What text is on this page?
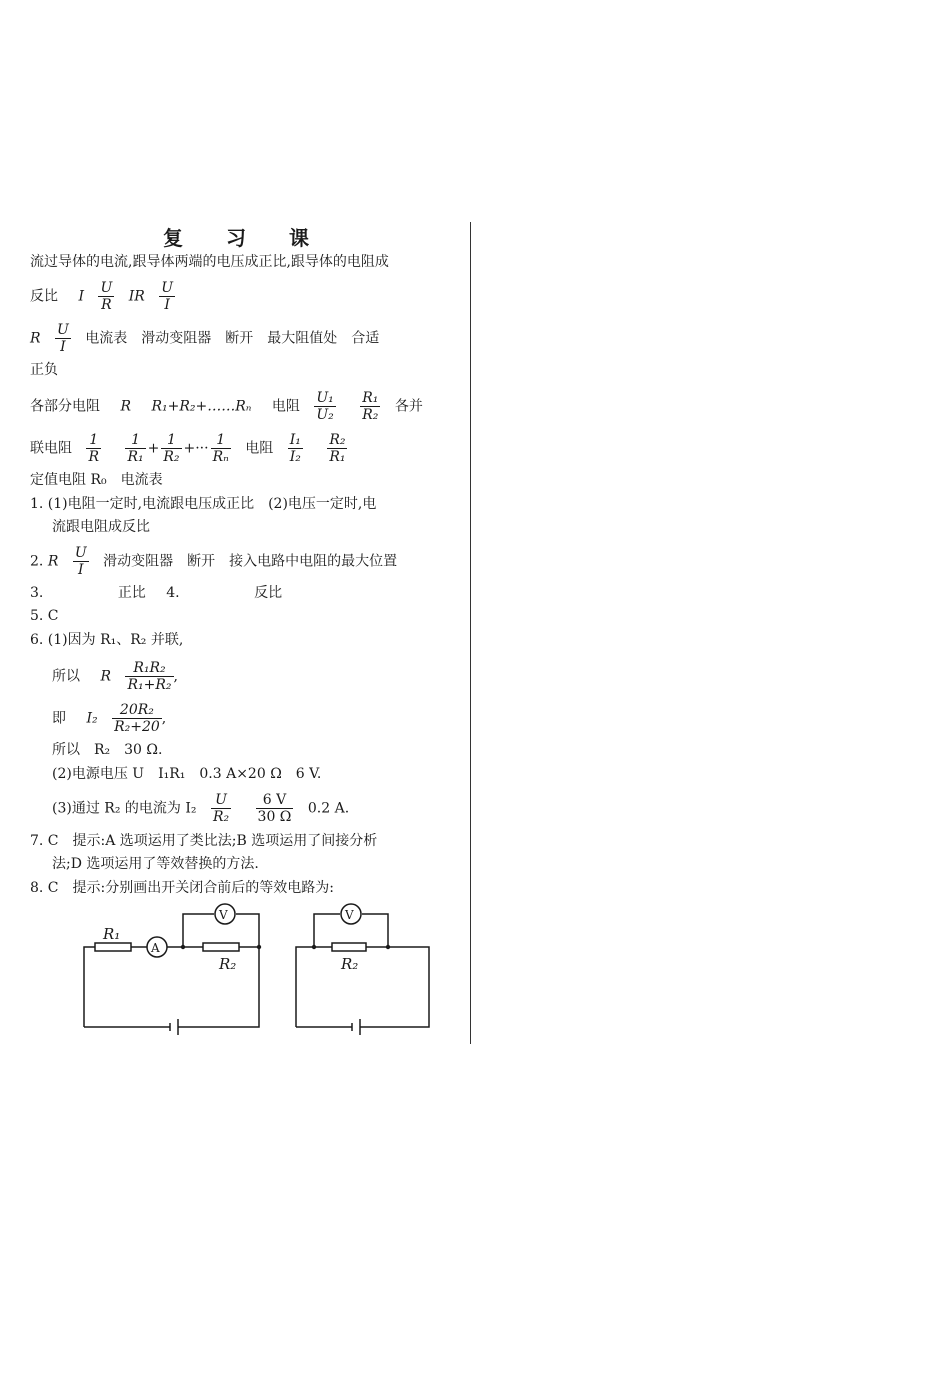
复 习 课
流过导体的电流,跟导体两端的电压成正比,跟导体的电阻成
反比 I $\frac{U}{R}$ IR $\frac{U}{I}$
R $\frac{U}{I}$ 电流表　滑动变阻器　断开　最大阻值处　合适
正负
各部分电阻 R R₁+R₂+……Rₙ 电阻 $\frac{\text{U₁}}{\text{U₂}}$
$\frac{\text{R₁}}{\text{R₂}}$ 各并
联电阻 $\frac{1}{R}$
$\frac{1}{\text{R₁}} + \frac{1}{\text{R₂}}$ +··· $\frac{1}{\text{Rₙ}}$ 电阻 $\frac{\text{I₁}}{\text{I₂}}$
$\frac{\text{R₂}}{\text{R₁}}$
定值电阻 R₀　电流表
1. (1)电阻一定时,电流跟电压成正比　(2)电压一定时,电
流跟电阻成反比
2. R $\frac{U}{I}$ 滑动变阻器　断开　接入电路中电阻的最大位置
3.	正比 4.	反比
5. C
6. (1)因为 R₁、R₂ 并联,
所以 R $\frac{\text{R₁R₂}}{\text{R₁+R₂}}$ ,
即 $I_2 \frac{\text{20R₂}}{\text{R₂+20}}$ ,
所以　R₂　30 Ω.
(2)电源电压 U　I₁R₁　0.3 A×20 Ω　6 V.
(3)通过 R₂ 的电流为 $I_2 \frac{U}{\text{R₂}}$
$\frac{6 V}{30 \Omega} 0.2$ A.
7. C　提示:A 选项运用了类比法;B 选项运用了间接分析
法;D 选项运用了等效替换的方法.
8. C　提示:分别画出开关闭合前后的等效电路为:
R₁
R₂
A
V
R₂
V
